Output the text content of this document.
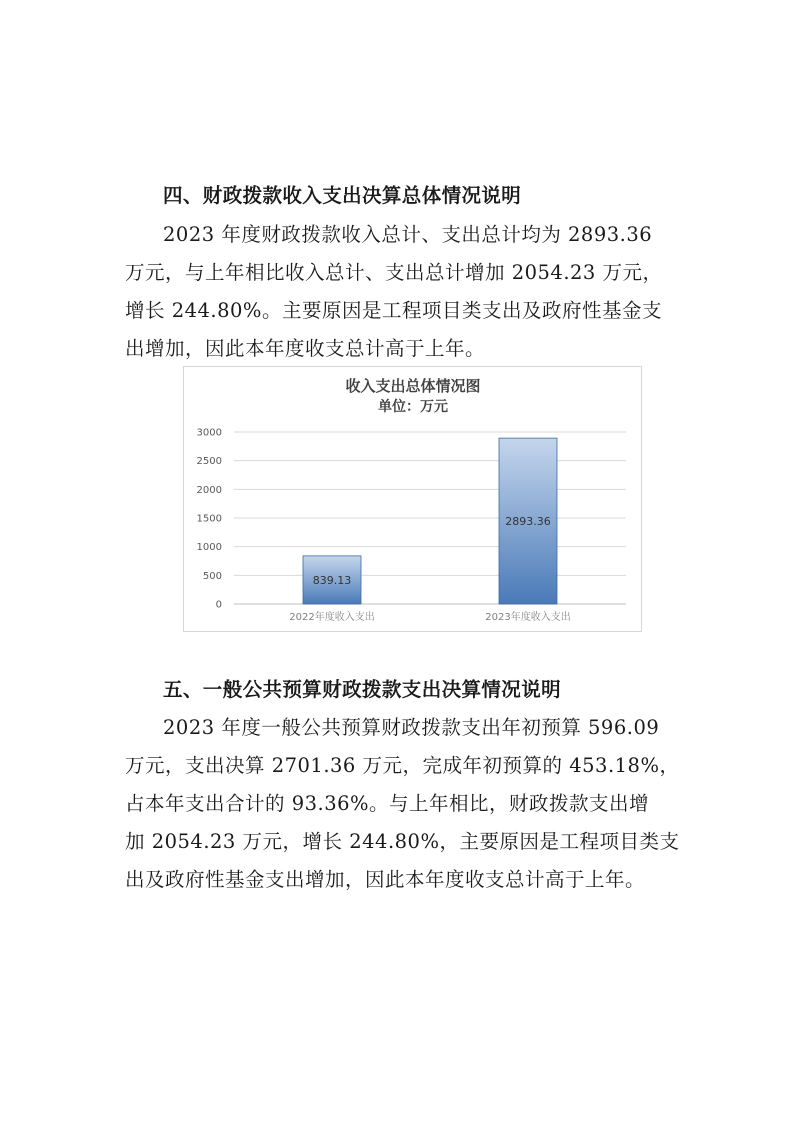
四、财政拨款收入支出决算总体情况说明
2023 年度财政拨款收入总计、支出总计均为 2893.36
万元，与上年相比收入总计、支出总计增加 2054.23 万元，
增长 244.80%。主要原因是工程项目类支出及政府性基金支
出增加，因此本年度收支总计高于上年。
收入支出总体情况图
单位：万元
0
500
1000
1500
2000
2500
3000
839.13
2893.36
2022年度收入支出	2023年度收入支出
五、一般公共预算财政拨款支出决算情况说明
2023 年度一般公共预算财政拨款支出年初预算 596.09
万元，支出决算 2701.36 万元，完成年初预算的 453.18%，
占本年支出合计的 93.36%。与上年相比，财政拨款支出增
加 2054.23 万元，增长 244.80%，主要原因是工程项目类支
出及政府性基金支出增加，因此本年度收支总计高于上年。
